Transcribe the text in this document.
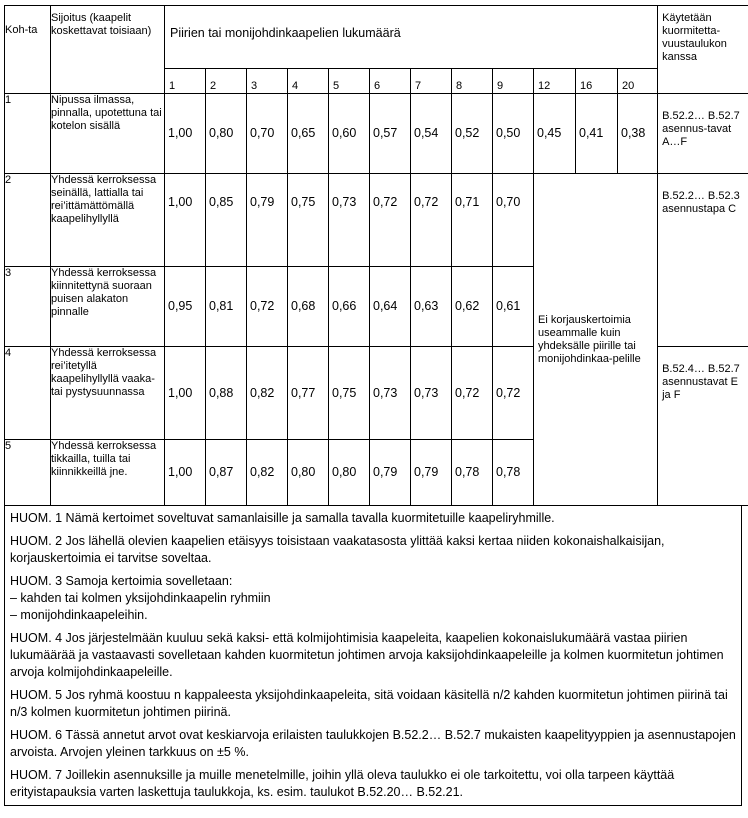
Koh-ta	Sijoitus (kaapelit koskettavat toisiaan)	Piirien tai monijohdinkaapelien lukumäärä												Käytetään kuormitetta-vuustaulukon kanssa
		1	2	3	4	5	6	7	8	9	12	16	20	
1	Nipussa ilmassa, pinnalla, upotettuna tai kotelon sisällä	1,00	0,80	0,70	0,65	0,60	0,57	0,54	0,52	0,50	0,45	0,41	0,38	B.52.2… B.52.7 asennus-tavat A…F
2	Yhdessä kerroksessa seinällä, lattialla tai rei’ittämättömällä kaapelihyllyllä	1,00	0,85	0,79	0,75	0,73	0,72	0,72	0,71	0,70	Ei korjauskertoimia useammalle kuin yhdeksälle piirille tai monijohdinkaa-pelille			B.52.2… B.52.3 asennustapa C
3	Yhdessä kerroksessa kiinnitettynä suoraan puisen alakaton pinnalle	0,95	0,81	0,72	0,68	0,66	0,64	0,63	0,62	0,61				
4	Yhdessä kerroksessa rei’itetyllä kaapelihyllyllä vaaka- tai pystysuunnassa	1,00	0,88	0,82	0,77	0,75	0,73	0,73	0,72	0,72				B.52.4… B.52.7 asennustavat E ja F
5	Yhdessä kerroksessa tikkailla, tuilla tai kiinnikkeillä jne.	1,00	0,87	0,82	0,80	0,80	0,79	0,79	0,78	0,78				

HUOM. 1 Nämä kertoimet soveltuvat samanlaisille ja samalla tavalla kuormitetuille kaapeliryhmille.

HUOM. 2 Jos lähellä olevien kaapelien etäisyys toisistaan vaakatasosta ylittää kaksi kertaa niiden kokonaishalkaisijan, korjauskertoimia ei tarvitse soveltaa.

HUOM. 3 Samoja kertoimia sovelletaan:
– kahden tai kolmen yksijohdinkaapelin ryhmiin
– monijohdinkaapeleihin.

HUOM. 4 Jos järjestelmään kuuluu sekä kaksi- että kolmijohtimisia kaapeleita, kaapelien kokonaislukumäärä vastaa piirien lukumäärää ja vastaavasti sovelletaan kahden kuormitetun johtimen arvoja kaksijohdinkaapeleille ja kolmen kuormitetun johtimen arvoja kolmijohdinkaapeleille.

HUOM. 5 Jos ryhmä koostuu n kappaleesta yksijohdinkaapeleita, sitä voidaan käsitellä n/2 kahden kuormitetun johtimen piirinä tai n/3 kolmen kuormitetun johtimen piirinä.

HUOM. 6 Tässä annetut arvot ovat keskiarvoja erilaisten taulukkojen B.52.2… B.52.7 mukaisten kaapelityyppien ja asennustapojen arvoista. Arvojen yleinen tarkkuus on ±5 %.

HUOM. 7 Joillekin asennuksille ja muille menetelmille, joihin yllä oleva taulukko ei ole tarkoitettu, voi olla tarpeen käyttää erityistapauksia varten laskettuja taulukkoja, ks. esim. taulukot B.52.20… B.52.21.
